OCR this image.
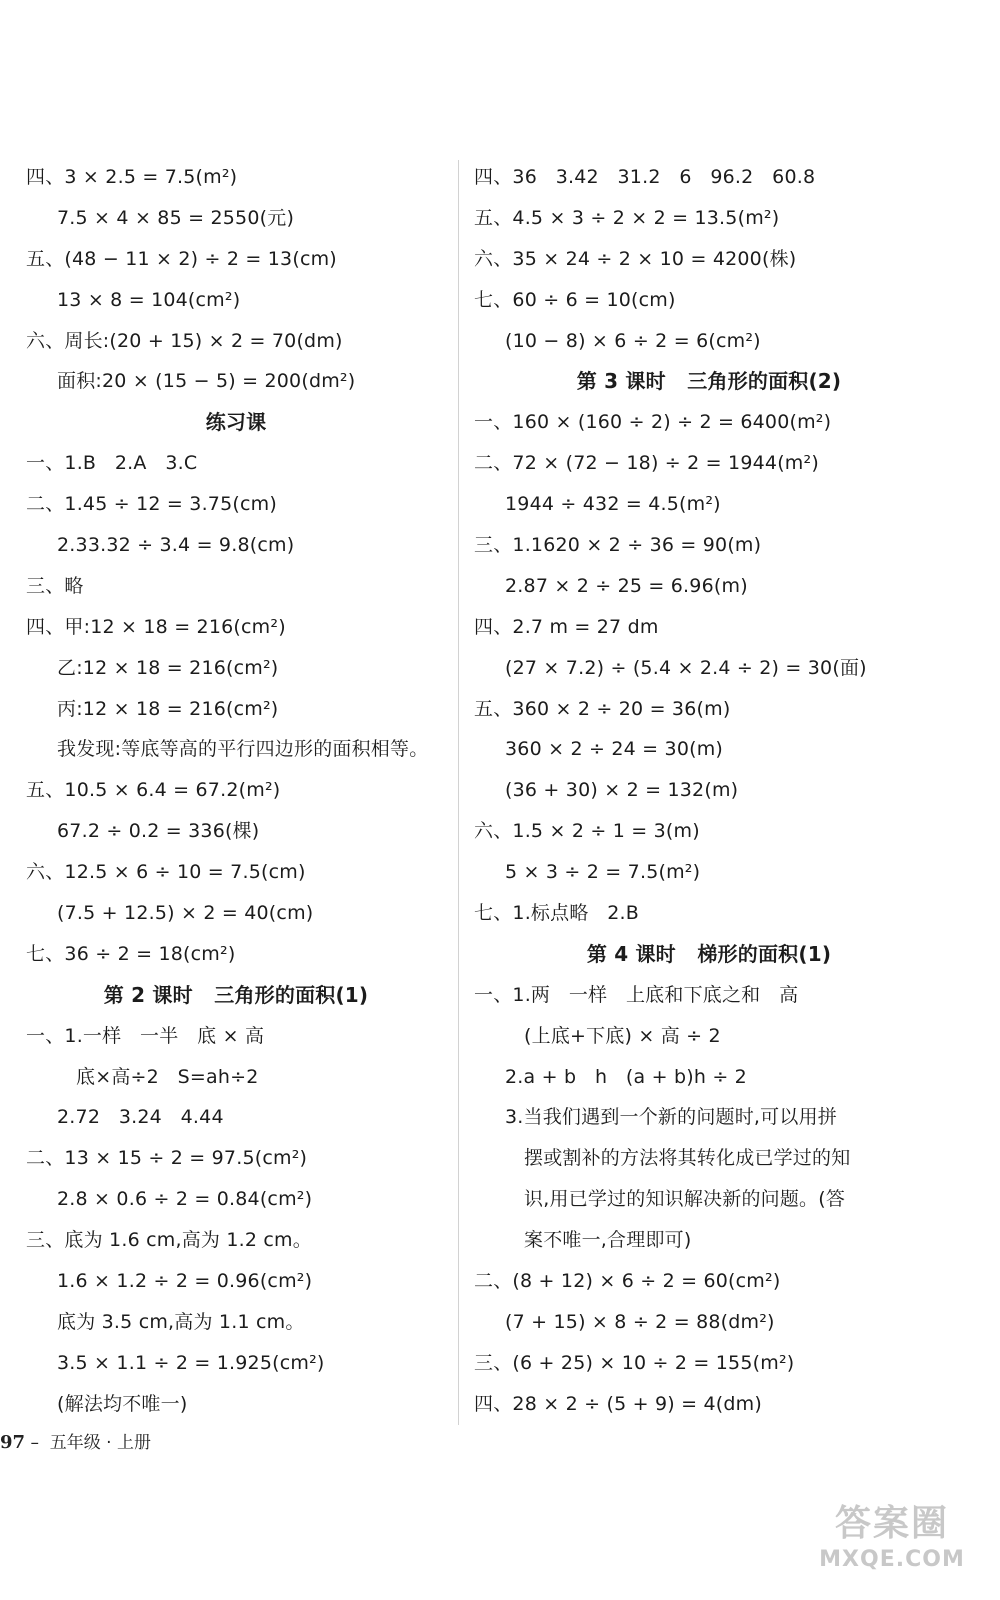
四、3 × 2.5 = 7.5(m²)
7.5 × 4 × 85 = 2550(元)
五、(48 − 11 × 2) ÷ 2 = 13(cm)
13 × 8 = 104(cm²)
六、周长:(20 + 15) × 2 = 70(dm)
面积:20 × (15 − 5) = 200(dm²)
练习课
一、1.B   2.A   3.C
二、1.45 ÷ 12 = 3.75(cm)
2.33.32 ÷ 3.4 = 9.8(cm)
三、略
四、甲:12 × 18 = 216(cm²)
乙:12 × 18 = 216(cm²)
丙:12 × 18 = 216(cm²)
我发现:等底等高的平行四边形的面积相等。
五、10.5 × 6.4 = 67.2(m²)
67.2 ÷ 0.2 = 336(棵)
六、12.5 × 6 ÷ 10 = 7.5(cm)
(7.5 + 12.5) × 2 = 40(cm)
七、36 ÷ 2 = 18(cm²)
第 2 课时   三角形的面积(1)
一、1.一样   一半   底 × 高
底×高÷2   S=ah÷2
2.72   3.24   4.44
二、13 × 15 ÷ 2 = 97.5(cm²)
2.8 × 0.6 ÷ 2 = 0.84(cm²)
三、底为 1.6 cm,高为 1.2 cm。
1.6 × 1.2 ÷ 2 = 0.96(cm²)
底为 3.5 cm,高为 1.1 cm。
3.5 × 1.1 ÷ 2 = 1.925(cm²)
(解法均不唯一)
四、36   3.42   31.2   6   96.2   60.8
五、4.5 × 3 ÷ 2 × 2 = 13.5(m²)
六、35 × 24 ÷ 2 × 10 = 4200(株)
七、60 ÷ 6 = 10(cm)
(10 − 8) × 6 ÷ 2 = 6(cm²)
第 3 课时   三角形的面积(2)
一、160 × (160 ÷ 2) ÷ 2 = 6400(m²)
二、72 × (72 − 18) ÷ 2 = 1944(m²)
1944 ÷ 432 = 4.5(m²)
三、1.1620 × 2 ÷ 36 = 90(m)
2.87 × 2 ÷ 25 = 6.96(m)
四、2.7 m = 27 dm
(27 × 7.2) ÷ (5.4 × 2.4 ÷ 2) = 30(面)
五、360 × 2 ÷ 20 = 36(m)
360 × 2 ÷ 24 = 30(m)
(36 + 30) × 2 = 132(m)
六、1.5 × 2 ÷ 1 = 3(m)
5 × 3 ÷ 2 = 7.5(m²)
七、1.标点略   2.B
第 4 课时   梯形的面积(1)
一、1.两   一样   上底和下底之和   高
(上底+下底) × 高 ÷ 2
2.a + b   h   (a + b)h ÷ 2
3.当我们遇到一个新的问题时,可以用拼
摆或割补的方法将其转化成已学过的知
识,用已学过的知识解决新的问题。(答
案不唯一,合理即可)
二、(8 + 12) × 6 ÷ 2 = 60(cm²)
(7 + 15) × 8 ÷ 2 = 88(dm²)
三、(6 + 25) × 10 ÷ 2 = 155(m²)
四、28 × 2 ÷ (5 + 9) = 4(dm)
97 –  五年级 · 上册
答案圈
MXQE.COM
